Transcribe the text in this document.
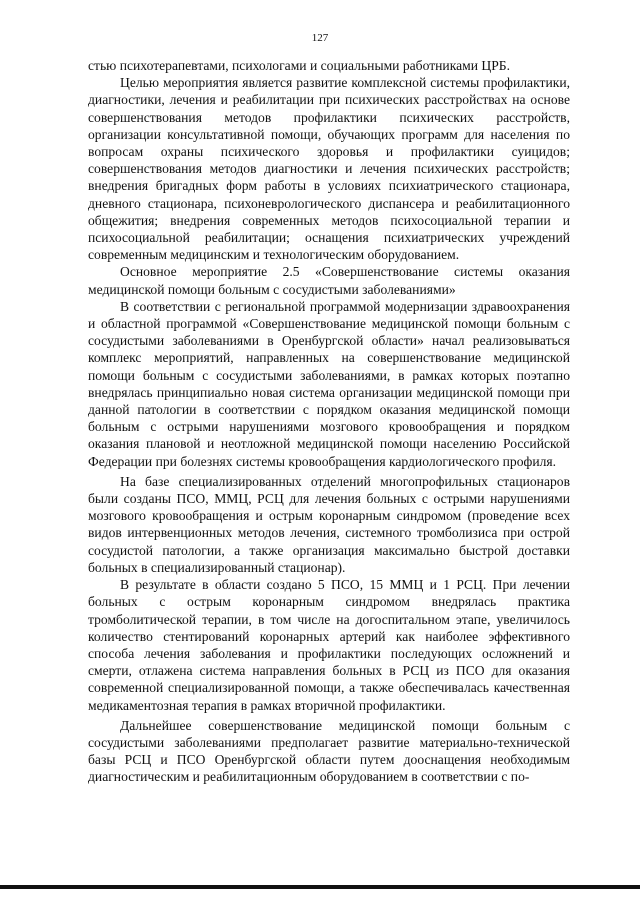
127

стью психотерапевтами, психологами и социальными работниками ЦРБ.

Целью мероприятия является развитие комплексной системы профилактики, диагностики, лечения и реабилитации при психических расстройствах на основе совершенствования методов профилактики психических расстройств, организации консультативной помощи, обучающих программ для населения по вопросам охраны психического здоровья и профилактики суицидов; совершенствования методов диагностики и лечения психических расстройств; внедрения бригадных форм работы в условиях психиатрического стационара, дневного стационара, психоневрологического диспансера и реабилитационного общежития; внедрения современных методов психосоциальной терапии и психосоциальной реабилитации; оснащения психиатрических учреждений современным медицинским и технологическим оборудованием.

Основное мероприятие 2.5 «Совершенствование системы оказания медицинской помощи больным с сосудистыми заболеваниями»

В соответствии с региональной программой модернизации здравоохранения и областной программой «Совершенствование медицинской помощи больным с сосудистыми заболеваниями в Оренбургской области» начал реализовываться комплекс мероприятий, направленных на совершенствование медицинской помощи больным с сосудистыми заболеваниями, в рамках которых поэтапно внедрялась принципиально новая система организации медицинской помощи при данной патологии в соответствии с порядком оказания медицинской помощи больным с острыми нарушениями мозгового кровообращения и порядком оказания плановой и неотложной медицинской помощи населению Российской Федерации при болезнях системы кровообращения кардиологического профиля.

На базе специализированных отделений многопрофильных стационаров были созданы ПСО, ММЦ, РСЦ для лечения больных с острыми нарушениями мозгового кровообращения и острым коронарным синдромом (проведение всех видов интервенционных методов лечения, системного тромболизиса при острой сосудистой патологии, а также организация максимально быстрой доставки больных в специализированный стационар).

В результате в области создано 5 ПСО, 15 ММЦ и 1 РСЦ. При лечении больных с острым коронарным синдромом внедрялась практика тромболитической терапии, в том числе на догоспитальном этапе, увеличилось количество стентирований коронарных артерий как наиболее эффективного способа лечения заболевания и профилактики последующих осложнений и смерти, отлажена система направления больных в РСЦ из ПСО для оказания современной специализированной помощи, а также обеспечивалась качественная медикаментозная терапия в рамках вторичной профилактики.

Дальнейшее совершенствование медицинской помощи больным с сосудистыми заболеваниями предполагает развитие материально-технической базы РСЦ и ПСО Оренбургской области путем дооснащения необходимым диагностическим и реабилитационным оборудованием в соответствии с по-
